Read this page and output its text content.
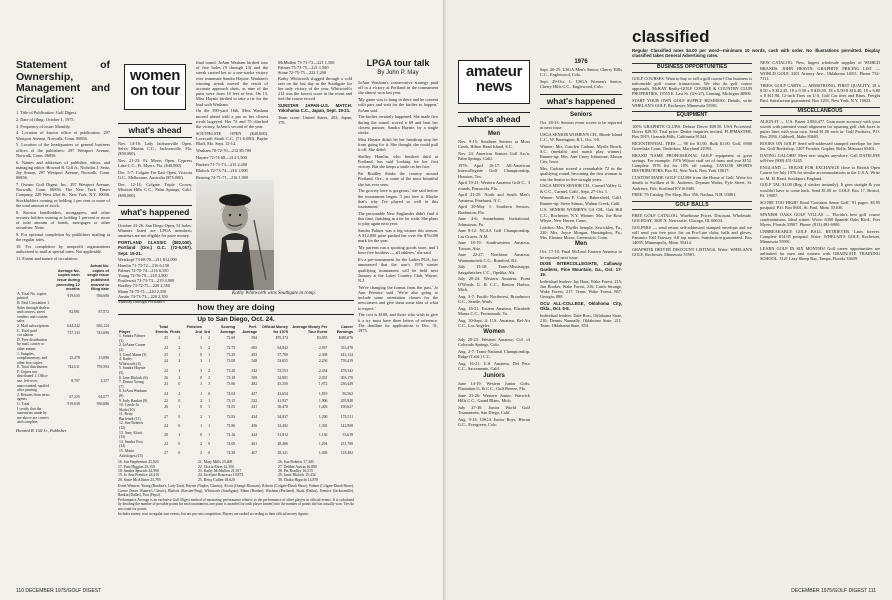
Statement of Ownership, Management and Circulation:

1. Title of Publication: Golf Digest.

2. Date of filing: October 1, 1975.

3. Frequency of issue: Monthly.

4. Location of known office of publication: 297 Westport Avenue, Norwalk, Conn. 06856.

5. Location of the headquarters or general business offices of the publishers: 297 Westport Avenue, Norwalk, Conn. 06856.

6. Names and addresses of publisher, editor, and managing editor: Howard R. Gill Jr., Nicholas J. Seitz, Jay Simon, 297 Westport Avenue, Norwalk, Conn. 06856.

7. Owner: Golf Digest, Inc., 297 Westport Avenue, Norwalk, Conn. 06856. The New York Times Company, 229 West 43rd St., New York, N.Y. 10036. Stockholders owning or holding 1 per cent or more of the total amount of stock.

8. Known bondholders, mortgagees, and other security holders owning or holding 1 percent or more of total amount of bonds, mortgages or other securities: None.

9. For optional completion by publishers mailing at the regular rates.

10. For completion by nonprofit organizations authorized to mail at special rates: Not applicable.

11. Extent and nature of circulation:

	Average No. copies each issue during preceding 12 months	Actual No. copies of single issue published nearest to filing date
A. Total No. copies printed	919,630	936,686
B. Paid Circulation 1. Sales through dealers and carriers, street vendors and counter sales	82,891	87,572
2. Mail subscriptions	644,242	656,124
C. Total paid circulation	727,133	743,696
D. Free distribution by mail, carrier or other means		
1. Samples, complimentary, and other free copies	15,478	15,896
E. Total distribution	742,611	759,592
F. Copies not distributed 1. Office use, left-over, unaccounted, spoiled after printing	8,707	3,357
2. Returns from news agents	67,225	64,077
G. Total	919,630	936,686
I certify that the statements made by me above are correct and complete.		

Howard R. Gill Jr., Publisher

women
on tour
what's ahead

Nov. 14-16: Lady Jacksonville Open, Selva Marina C.C., Jacksonville, Fla. ($50,000).

Nov. 21-23: Ft. Myers Open, Cypress Lake C.C., Ft. Myers, Fla. ($40,000).

Dec. 5-7: Colgate Far East Open, Victoria G.C., Melbourne, Australia ($75,000).

Dec. 12-14: Colgate Triple Crown, Mission Hills C.C., Palm Springs, Calif. ($90,000).

what's happened

October 23-26, San Diego Open, 54 holes: Winners listed are LPGA members; amateurs are not eligible for prize money.

PORTLAND CLASSIC ($82,000). Portland (Ore.) G.C. (72-6,057). Sept. 15-21.

Weiskopf 73-68-70—211 $12,000
Hamlin 71-73-72—216 6,150
Palmer 72-70-74—216 6,150
Young 72-76-70—218 3,900
Postlewait 73-73-73—219 3,900
Bradley 73-72-75—220 2,350
Mann 74-75-71—220 2,350
Austin 74-73-73—220 2,350

Midway through Portland's

final round, JoAnn Washam birdied four of five holes (9 through 13) and the streak carried her to a one-stroke victory over teammate Sandra Haynie. Washam's winning streak moved the result of accurate approach shots, as nine of the putts were from 10 feet or less. On 13, Miss Haynie birdied to take a tie for the lead with Washam.

On the 390-yard 16th, Miss Washam moved ahead with a par as her closest rivals bogeyed. Her 72 and 75 clinched the victory, JoAnn's second of the year.

SOUTHGATE OPEN ($40,000). Lovecraft South C.C. (71-6,080). Poplar Bluff, Mo. Sept. 12-14.

Washam 70-72-70—212 $5,700

Haynie 72-74-68—214 3,500

Burkett 71-71-73—215 2,200

Blalock 72-73-74—216 1,900

Berning 74-71-71—216 1,900

McMullen 75-71-73—221 1,500
Palmer 73-73-75—221 1,500
Stone 72-75-75—222 1,200

Kathy Whitworth slugged through a cold rain on the last day in the Southgate for her only victory of the year. Whitworth's 212 was the lowest score in the event and tied the course record.

SUNSTAR JAPAN-U.S. MATCH. Yokohama C.C., Japan, Sept. 19-21.

Team score: United States, 202; Japan, 179.

LPGA tour talk
By John P. May

JoAnn Washam's conservative strategy paid off in a victory at Portland in the tournament she almost won last year.

'My game was to hang in there and be content with pars and wait for the birdies to happen,' JoAnn said.

The birdies certainly happened. She made five during the round, scored a 69 and beat her closest pursuer, Sandra Haynie, by a single stroke.

Miss Haynie didn't let her handicap stop her from going for it. She thought she could pull it off. She didn't.

Shelley Hamlin, who finished third at Portland, has said 'looking for her first victory. But she keeps a smile on her face.'

Pat Bradley thinks the country around Portland, Ore., is some of the most beautiful she has ever seen.

The grocery here is gorgeous,' she said before the tournament began. 'I just love it. Maybe that's why I've played so well in this tournament.'

The personable New Englander didn't find it this time, finishing in a tie for sixth. She plans to play again next year.

Sandra Palmer was a big winner this season. A $12,000 prize pushed her over the $76,000 mark for the year.

'My parents run a sporting goods store, and I have five brothers — all athletes,' she said.

It's a pre-tournament for the Ladies PGA, has announced that the tour's 1976 winter qualifying tournament will be held next January at the Lakes Country Club, Wayne, N.J.

'We're changing the format from the past,' Jo Ann Prentice said. 'We're also going to include some orientation classes for the newcomers and give them some idea of what to expect.'

The cost is $100, and those who wish to give it a try must have three letters of reference. The deadline for applications is Dec. 31, 1975.

Kathy Whitworth wins Southgate in romp.
how they are doing
Up to San Diego, Oct. 24.
Player	Total Events	Firsts	Finishes 2nd	3rd	Scoring Average	Perf. Average	Official Money for 1975	Average Money Per Tour Event	Career Earnings
1. Sandra Palmer (1)	25	2	1	2	72.69	.594	$76,374	$3,055	$380,076
2. JoAnne Carner (2)	22	2	5	2	72.75	.605	64,842	2,947	333,478
3. Carol Mann (3)	25	1	0	1	73.29	.493	57,700	2,308	442,124
4. Kathy Whitworth (4)	24	2	3	1	73.08	.548	53,655	2,236	759,419
5. Sandra Haynie (5)	22	1	3	2	73.20	.542	53,553	2,434	478,342
6. Jane Blalock (6)	26	2	0	3	73.18	.509	52,801	2,031	303,178
7. Donna Young (7)	23	0	3	3	73.66	.482	45,350	1,972	236,449
8. JoAnn Washam (8)	24	2	1	0	74.04	.457	43,654	1,819	86,562
9. Judy Rankin (9)	22	0	2	1	73.15	.532	41,937	1,906	295,840
10. Carole Jo Skala (10)	26	1	0	1	74.05	.441	36,470	1,403	190,627
11. Betty Burfeindt (11)	27	0	2	1	73.83	.454	34,837	1,290	174,511
12. Sue Roberts (12)	24	0	1	1	73.86	.456	33,402	1,392	142,908
13. Amy Alcott (13)	28	1	0	1	74.16	.424	31,812	1,136	53,619
14. Sandra Post (14)	22	0	2	0	74.00	.461	28,466	1,294	231,708
15. Maria Astrologes (15)	27	0	2	0	74.30	.407	28,321	1,049	118,482
16. Jan Stephenson 25,920
17. Pam Higgins 25,150
18. Sandra Spuzich 24,990
19. Jo Ann Prentice 24,416
20. Susie McAllister 23,785
21. Mary Mills 23,408
22. Gloria Ehret 22,350
23. Kathy McMullen 21,917
24. Jocelyne Bourassa 19,873
25. Betsy Cullen 18,620
26. Sue Roberts 17,340
27. Debbie Austin 16,880
28. Pat Bradley 16,515
29. Janie Blalock 15,432
30. Chako Higuchi 14,870

Event Winners: Young (Burdine's, Lady Tara), Haynie (Naples, Charity), Alcott (Orange Blossom), Roberts (Colgate-Dinah Shore), Palmer (Colgate-Dinah Shore), Carner (Sears Women's Classic), Blalock (Karsten-Ping), Whitworth (Southgate), Mann (Borden), Washam (Portland), Skala (Dallas), Prentice (Jacksonville), Rankin (Dallas), Post (Pepsi).

Performance Average is an exclusive Golf Digest method of measuring performance relative to the performance of other players in official events. It is calculated by dividing the number of possible points (in each tournament, one point is awarded for each player beaten) into the number of points she has actually won. Ties do not count for points.

Includes money won in regular tour events, but not pro-am competition. Players are ranked according to their official money figures.

110 DECEMBER 1975/GOLF DIGEST
amateur
news
what's ahead
Men

Nov. 9-15: Southern Seniors at Moss Creek, Hilton Head Island, S.C.

Nov. 24: Americas Seniors Golf Ass'n, Palm Springs, Calif.

1976: April 16-17: All-American Intercollegiate Golf Championship, Houston, Tex.

April 19-21: Western Amateur Golf C., 3 rounds, Pensacola, Fla.

April 21-25: North and South Men's Amateur, Pinehurst, N.C.

April 29-May 1: Southern Seniors, Bradenton, Fla.

June 4-6: Sunnehanna Invitational, Johnstown, Pa.

June 8-12: NCAA Golf Championship, Las Cruces, N.M.

June 18-19: Southwestern Amateur, Tucson, Ariz.

June 22-27: Northeast Amateur, Wannamoisett C.C., Rumford, R.I.

July 13-18: Trans-Mississippi, Saugahatchee C.C., Opelika, Ala.

July 20-24: Western Amateur, Point O'Woods G. & C.C., Benton Harbor, Mich.

Aug. 3-7: Pacific Northwest, Broadmoor G.C., Seattle, Wash.

Aug. 16-21: Eastern Amateur, Elizabeth Manor C.C., Portsmouth, Va.

Aug. 30-Sept. 4: U.S. Amateur, Bel-Air C.C., Los Angeles.

Women

July 20-23: Western Amateur, Col. of Colorado Springs, Colo.

Aug. 2-7: Trans-National Championship, Ridge (Calif.) C.C.

Aug. 16-21: U.S. Amateur, Del Paso C.C., Sacramento, Calif.

Juniors

June 14-19: Western Junior Girls, Plantation G. & C.C., Gulf Breeze, Fla.

June 21-26: Western Junior, Warwick Hills C.C., Grand Blanc, Mich.

July 27-30: Junior World Golf Tournament, San Diego, Calif.

Aug. 9-14: USGA Junior Boys, Hiwan G.C., Evergreen, Colo.

1976

Sept. 20-25: USGA Men's Senior, Cherry Hills C.C., Englewood, Colo.

Sept. 29-Oct. 1: USGA Women's Senior, Cherry Hills C.C., Englewood, Colo.

what's happened
Seniors

Oct. 20-23: Seniors event scores to be reported in next issue.

USGA SENIOR WOMEN'S CH., Rhode Island C.C., W. Barrington, R.I., Oct. 3-6.

Winner: Mrs. Carolyn Cudone, Myrtle Beach, S.C. (medalist and match play winner). Runner-up: Mrs. Ann Casey Johnstone, Mason City, Iowa.

Mrs. Cudone scored a remarkable 72 in the qualifying round, becoming the first woman to win the Senior in five straight years.

USGA MEN'S SENIOR CH., Carmel Valley G. & C.C., Carmel, Calif., Sept. 27-Oct. 1.

Winner: William F. Colm, Bakersfield, Calif. Runner-up: Steve Stimac, Walnut Creek, Calif.

U.S. SENIOR WOMEN'S GA CH., Oak Hill C.C., Rochester, N.Y. Winner: Mrs. Joe Rose Whyte, New Haven, Conn.

Leaders: Mrs. Phyllis Semple, Sewickley, Pa., 230; Mrs. Joyce Morgan, Huntingdon, Pa.; Mrs. Eleanor Morse, Greenwich, Conn.

Men

Oct. 17-19: Final McLeod Eastern Amateur to be reported next issue.

DIXIE INTERCOLLEGIATE, Callaway Gardens, Pine Mountain, Ga., Oct. 17-19.

Individual leaders: Jay Haas, Wake Forest, 215; Jim Booker, Wake Forest, 216; Curtis Strange, Wake Forest, 217. Team: Wake Forest, 867; Georgia, 888.

OCU ALL-COLLEGE, Oklahoma City, Okla., Oct. 6-8.

Individual leaders: Dale Ross, Oklahoma State, 210; Dennis Nunnally, Oklahoma State, 211. Team: Oklahoma State, 854.

classified
Regular Classified rates $4.00 per word—minimum 10 words, cash with order. No illustrations permitted. Display classified takes General Advertising rates.
BUSINESS OPPORTUNITIES

GOLF COURSES. Want to buy or sell a golf course? Our business is nationwide golf course transactions. We also do golf course appraisals. McKAY Realty-GOLF COURSE & COUNTRY CLUB PROPERTIES, 15555 E. Last St. (US-27), Lansing, Michigan 48906.

START YOUR OWN GOLF SUPPLY BUSINESS. Details, write WHELAN'S GOLF, Rochester, Minnesota 55901.

EQUIPMENT

100% GRAPHITE CLUBS. Deluxe Driver $49.50. USA Processed. Driver $29.50. Trial price. Dealer inquiries invited. FLIPMASTER, Box 5919, Granada Hills, California 91344.

BICENTENNIAL TEES — 98 for $1.00. Bulk $1.00. Golf, 6900 Greenlake Court, Tinderbox, Maryland 21093.

BRAND NAME PROFESSIONAL GOLF equipment at great savings. For example: 1976 Wilson staff set of irons and you $152. Complete 1976 list for 10% off catalog. TAYLOR SPORTS DISTRIBUTORS, Box 92, New York, New York 10017.

CUSTOM MADE GOLF CLUBS from the Home of Golf. Write for details to Swilken of St. Andrews. Dryman Works, Fyfe Street, St. Andrews, Fife, Scotland KY16 8SB.

FREE '76 Catalog. Pro Shop, Box 356, Nashua, N.H. 03061.

GOLF BALLS

FREE GOLF CATALOG. Warehouse Prices. Discount. Wholesale. GOLFDAY, 3020 N. Newcastle, Chicago, Ill. 60634.

GOLFERS — send return self-addressed stamped envelope and we will send you free price list on Pro-Line clubs, balls and gloves. Fantastic Fall Fairway. All top names. Satisfaction guaranteed. Box 14095, Minneapolis, Minn. 55414.

GRAPHITE DRIVER DISCOUNT LISTINGS, Write: WHELAN'S GOLF, Rochester, Minnesota 55901.

NEW CATALOG: New, largest wholesale supplier of WORLD BRANDS. JOHN HEAVIN, GRAPHITE PRICING LIST — WORLD GOLF, 3201 Armory Ave., Oklahoma 14011. Phone 732-7111.

TIRES. GOLF CARTS — ARMSTRONG, FIRST QUALITY, 18 x 8.50 x 8 $12.35, 18 x 9.50 x 8 $18.50, 18 x 8.50-8 $16.40, 18 x 6.80 x 8 $11.90, 12-inch Tires on U.S. Golf Car tires and Rims. Freight Paid. Satisfaction guaranteed. Box 1201, New York, N.Y. 10023.

MISCELLANEOUS

ALIGN-IT — U.S. Patent 3,884,477. Gain more accuracy with your woods with patented visual alignment for squaring golf club faces to putter lines with your own. Send $1.00 each to: Golf Products, P.O. Box 2956, Caldwell, Idaho 83605.

BOOKS ON GOLF! Send self-addressed stamped envelope for free list. Golf Bookshop, 1207 Frontier, Gopher, Rolla, Missouri 65401.

DATING GALORE! Meet new singles anywhere. Call DATELINE toll-free (800) 451-3245.

ENGLAND — HOUSE FOR EXCHANGE close to British Open Course for July 1976 for similar accommodations in the U.S.A. Write to: M. H. Reed, Southport, England.

GOLF TAL $1.00 (Reg. 4 strokes instantly). It goes straight & you wouldn't have to come back. Send $1.00 to: GOLF, Box 17, Bristol, Pa. 19007.

SCORE TOO HIGH? Read 'Common Sense Golf.' 91 pages. $3.95 postpaid. P.O. Box 8601, St. Paul, Minn. 55108.

SPANISH OAKS GOLF VILLAS — Florida's best golf course condominiums. Ideal winter. Write: 6300 Spanish Oaks Blvd., Fort Myers, Florida 33907. Phone: (813) 481-6900.

UNBREAKABLE GOLF BALL RETRIEVER. Lasts forever. Complete $14.95 postpaid. Write: WHELAN'S GOLF, Rochester, Minnesota 55901.

LEARN GOLF IN SIX MONTHS! Golf career opportunities are unlimited for men and women with GRADUATE TRAINING SCHOOL. 3121 Lazy Sheep Bay, Tampa, Florida 33609.

DECEMBER 1975/GOLF DIGEST 111
